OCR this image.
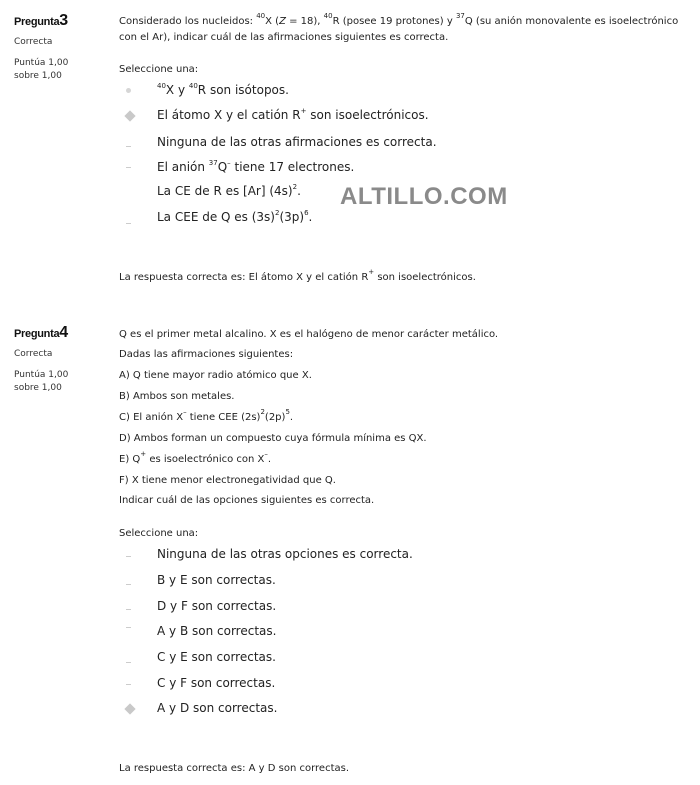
ALTILLO.COM
Pregunta3
Correcta
Puntúa 1,00 sobre 1,00
Considerado los nucleidos: $^{40}$X (Z = 18), $^{40}$R (posee 19 protones) y $^{37}$Q (su anión monovalente es isoelectrónico
con el Ar), indicar cuál de las afirmaciones siguientes es correcta.
Seleccione una:
$^{40}$X y $^{40}$R son isótopos.
El átomo X y el catión R+ son isoelectrónicos.
Ninguna de las otras afirmaciones es correcta.
El anión $^{37}$Q– tiene 17 electrones.
La CE de R es [Ar] $(4s)^2$.
La CEE de Q es $(3s)^2(3p)^6$.
La respuesta correcta es: El átomo X y el catión R+ son isoelectrónicos.
Pregunta4
Correcta
Puntúa 1,00 sobre 1,00
Q es el primer metal alcalino. X es el halógeno de menor carácter metálico.
Dadas las afirmaciones siguientes:
A) Q tiene mayor radio atómico que X.
B) Ambos son metales.
C) El anión X– tiene CEE $(2s)^2(2p)^5$.
D) Ambos forman un compuesto cuya fórmula mínima es QX.
E) Q+ es isoelectrónico con X–.
F) X tiene menor electronegatividad que Q.
Indicar cuál de las opciones siguientes es correcta.
Seleccione una:
Ninguna de las otras opciones es correcta.
B y E son correctas.
D y F son correctas.
A y B son correctas.
C y E son correctas.
C y F son correctas.
A y D son correctas.
La respuesta correcta es: A y D son correctas.
